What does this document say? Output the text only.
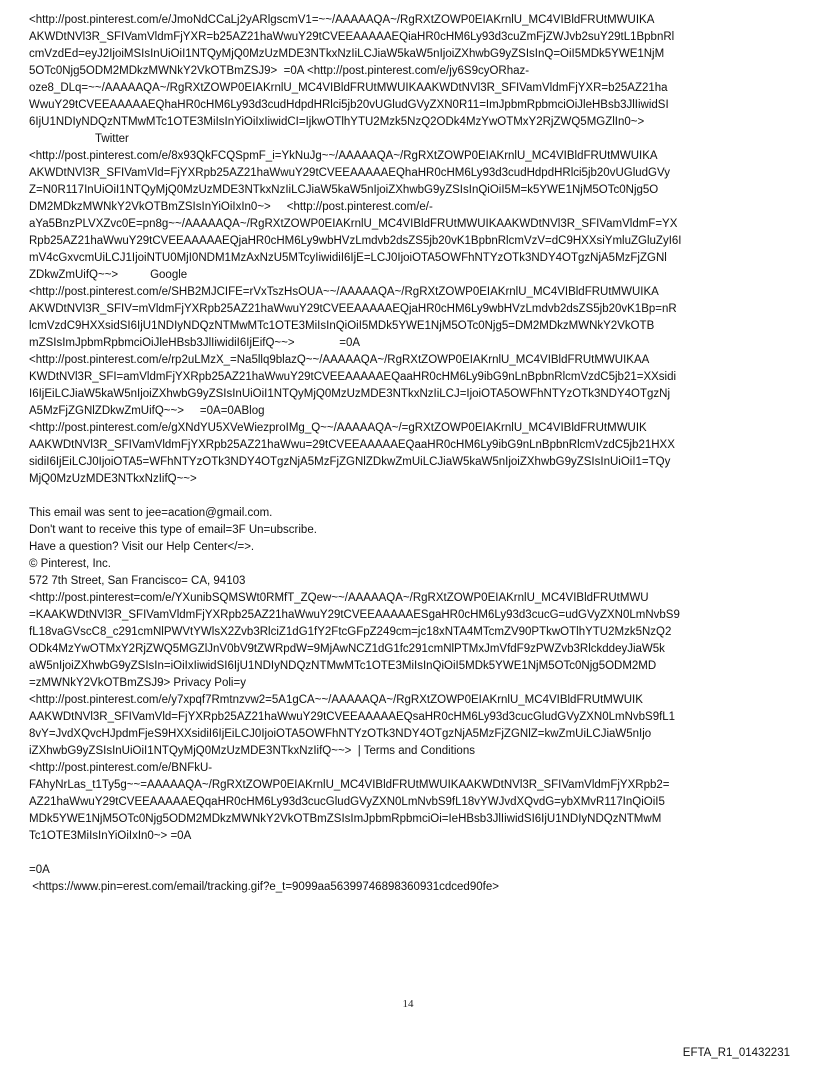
<http://post.pinterest.com/e/JmoNdCCaLj2yARlgscmV1=~~/AAAAAQA~/RgRXtZOWP0EIAKrnlU_MC4VIBldFRUtMWUIKA
AKWDtNVl3R_SFIVamVldmFjYXR=b25AZ21haWwuY29tCVEEAAAAAEQiaHR0cHM6Ly93d3cuZmFjZWJvb2suY29tL1BpbnRl
cmVzdEd=eyJ2IjoiMSIsInUiOiI1NTQyMjQ0MzUzMDE3NTkxNzIiLCJiaW5kaW5nIjoiZXhwbG9yZSIsInQ=OiI5MDk5YWE1NjM
5OTc0Njg5ODM2MDkzMWNkY2VkOTBmZSJ9>  =0A <http://post.pinterest.com/e/jy6S9cyORhaz-
oze8_DLq=~~/AAAAAQA~/RgRXtZOWP0EIAKrnlU_MC4VIBldFRUtMWUIKAAKWDtNVl3R_SFIVamVldmFjYXR=b25AZ21ha
WwuY29tCVEEAAAAAEQhaHR0cHM6Ly93d3cudHdpdHRlci5jb20vUGludGVyZXN0R11=ImJpbmRpbmciOiJleHBsb3JlIiwidSI
6IjU1NDIyNDQzNTMwMTc1OTE3MiIsInYiOiIxIiwidCI=IjkwOTlhYTU2Mzk5NzQ2ODk4MzYwOTMxY2RjZWQ5MGZlIn0~>

Twitter

<http://post.pinterest.com/e/8x93QkFCQSpmF_i=YkNuJg~~/AAAAAQA~/RgRXtZOWP0EIAKrnlU_MC4VIBldFRUtMWUIKA
AKWDtNVl3R_SFIVamVld=FjYXRpb25AZ21haWwuY29tCVEEAAAAAEQhaHR0cHM6Ly93d3cudHdpdHRlci5jb20vUGludGVy
Z=N0R117InUiOiI1NTQyMjQ0MzUzMDE3NTkxNzIiLCJiaW5kaW5nIjoiZXhwbG9yZSIsInQiOiI5M=k5YWE1NjM5OTc0Njg5O
DM2MDkzMWNkY2VkOTBmZSIsInYiOiIxIn0~>     <http://post.pinterest.com/e/-
aYa5BnzPLVXZvc0E=pn8g~~/AAAAAQA~/RgRXtZOWP0EIAKrnlU_MC4VIBldFRUtMWUIKAAKWDtNVl3R_SFIVamVldmF=YX
Rpb25AZ21haWwuY29tCVEEAAAAAEQjaHR0cHM6Ly9wbHVzLmdvb2dsZS5jb20vK1BpbnRlcmVzV=dC9HXXsiYmluZGluZyI6I
mV4cGxvcmUiLCJ1IjoiNTU0MjI0NDM1MzAxNzU5MTcyIiwidiI6IjE=LCJ0IjoiOTA5OWFhNTYzOTk3NDY4OTgzNjA5MzFjZGNl
ZDkwZmUifQ~~>          Google

<http://post.pinterest.com/e/SHB2MJCIFE=rVxTszHsOUA~~/AAAAAQA~/RgRXtZOWP0EIAKrnlU_MC4VIBldFRUtMWUIKA
AKWDtNVl3R_SFIV=mVldmFjYXRpb25AZ21haWwuY29tCVEEAAAAAEQjaHR0cHM6Ly9wbHVzLmdvb2dsZS5jb20vK1Bp=nR
lcmVzdC9HXXsidSI6IjU1NDIyNDQzNTMwMTc1OTE3MiIsInQiOiI5MDk5YWE1NjM5OTc0Njg5=DM2MDkzMWNkY2VkOTB
mZSIsImJpbmRpbmciOiJleHBsb3JlIiwidiI6IjEifQ~~>              =0A

<http://post.pinterest.com/e/rp2uLMzX_=Na5llq9blazQ~~/AAAAAQA~/RgRXtZOWP0EIAKrnlU_MC4VIBldFRUtMWUIKAA
KWDtNVl3R_SFI=amVldmFjYXRpb25AZ21haWwuY29tCVEEAAAAAEQaaHR0cHM6Ly9ibG9nLnBpbnRlcmVzdC5jb21=XXsidi
I6IjEiLCJiaW5kaW5nIjoiZXhwbG9yZSIsInUiOiI1NTQyMjQ0MzUzMDE3NTkxNzIiLCJ=IjoiOTA5OWFhNTYzOTk3NDY4OTgzNj
A5MzFjZGNlZDkwZmUifQ~~>     =0A=0ABlog

<http://post.pinterest.com/e/gXNdYU5XVeWiezproIMg_Q~~/AAAAAQA~/=gRXtZOWP0EIAKrnlU_MC4VIBldFRUtMWUIK
AAKWDtNVl3R_SFIVamVldmFjYXRpb25AZ21haWwu=29tCVEEAAAAAEQaaHR0cHM6Ly9ibG9nLnBpbnRlcmVzdC5jb21HXX
sidiI6IjEiLCJ0IjoiOTA5=WFhNTYzOTk3NDY4OTgzNjA5MzFjZGNlZDkwZmUiLCJiaW5kaW5nIjoiZXhwbG9yZSIsInUiOiI1=TQy
MjQ0MzUzMDE3NTkxNzIifQ~~>

This email was sent to jee=acation@gmail.com.
Don't want to receive this type of email=3F Un=ubscribe.
Have a question? Visit our Help Center</=>.
© Pinterest, Inc.
572 7th Street, San Francisco= CA, 94103
<http://post.pinterest=com/e/YXunibSQMSWt0RMfT_ZQew~~/AAAAAQA~/RgRXtZOWP0EIAKrnlU_MC4VIBldFRUtMWU
=KAAKWDtNVl3R_SFIVamVldmFjYXRpb25AZ21haWwuY29tCVEEAAAAAESgaHR0cHM6Ly93d3cucG=udGVyZXN0LmNvbS9
fL18vaGVscC8_c291cmNlPWVtYWlsX2Zvb3RlciZ1dG1fY2FtcGFpZ249cm=jc18xNTA4MTcmZV90PTkwOTlhYTU2Mzk5NzQ2
ODk4MzYwOTMxY2RjZWQ5MGZlJnV0bV9tZWRpdW=9MjAwNCZ1dG1fc291cmNlPTMxJmVfdF9zPWZvb3RlckddeyJiaW5k
aW5nIjoiZXhwbG9yZSIsIn=iOiIxIiwidSI6IjU1NDIyNDQzNTMwMTc1OTE3MiIsInQiOiI5MDk5YWE1NjM5OTc0Njg5ODM2MD
=zMWNkY2VkOTBmZSJ9> Privacy Poli=y
<http://post.pinterest.com/e/y7xpqf7Rmtnzvw2=5A1gCA~~/AAAAAQA~/RgRXtZOWP0EIAKrnlU_MC4VIBldFRUtMWUIK
AAKWDtNVl3R_SFIVamVld=FjYXRpb25AZ21haWwuY29tCVEEAAAAAEQsaHR0cHM6Ly93d3cucGludGVyZXN0LmNvbS9fL1
8vY=JvdXQvcHJpdmFjeS9HXXsidiI6IjEiLCJ0IjoiOTA5OWFhNTYzOTk3NDY4OTgzNjA5MzFjZGNlZ=kwZmUiLCJiaW5nIjo
iZXhwbG9yZSIsInUiOiI1NTQyMjQ0MzUzMDE3NTkxNzIifQ~~>  | Terms and Conditions
<http://post.pinterest.com/e/BNFkU-
FAhyNrLas_t1Ty5g~~=AAAAAQA~/RgRXtZOWP0EIAKrnlU_MC4VIBldFRUtMWUIKAAKWDtNVl3R_SFIVamVldmFjYXRpb2=
AZ21haWwuY29tCVEEAAAAAEQqaHR0cHM6Ly93d3cucGludGVyZXN0LmNvbS9fL18vYWJvdXQvdG=ybXMvR117InQiOiI5
MDk5YWE1NjM5OTc0Njg5ODM2MDkzMWNkY2VkOTBmZSIsImJpbmRpbmciOi=IeHBsb3JlIiwidSI6IjU1NDIyNDQzNTMwM
Tc1OTE3MiIsInYiOiIxIn0~> =0A

=0A
<https://www.pin=erest.com/email/tracking.gif?e_t=9099aa56399746898360931cdced90fe>

14
EFTA_R1_01432231
